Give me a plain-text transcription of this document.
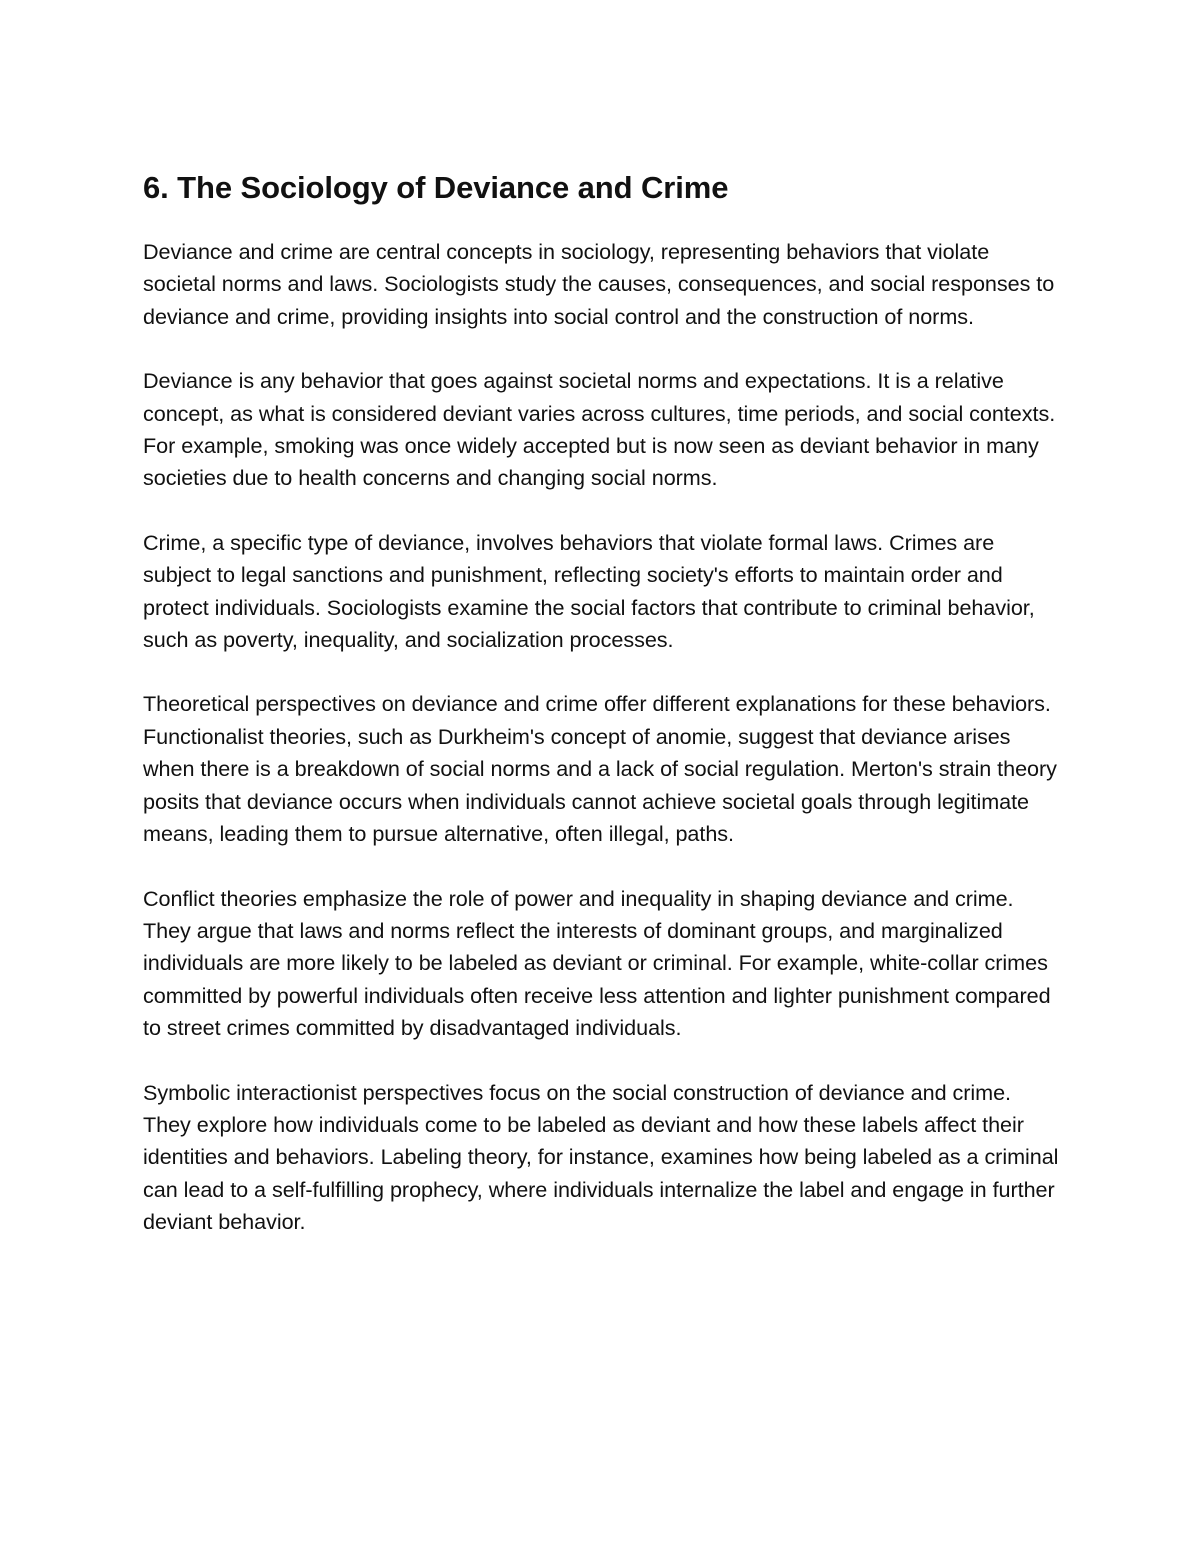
6. The Sociology of Deviance and Crime

Deviance and crime are central concepts in sociology, representing behaviors that violate societal norms and laws. Sociologists study the causes, consequences, and social responses to deviance and crime, providing insights into social control and the construction of norms.

Deviance is any behavior that goes against societal norms and expectations. It is a relative concept, as what is considered deviant varies across cultures, time periods, and social contexts. For example, smoking was once widely accepted but is now seen as deviant behavior in many societies due to health concerns and changing social norms.

Crime, a specific type of deviance, involves behaviors that violate formal laws. Crimes are subject to legal sanctions and punishment, reflecting society's efforts to maintain order and protect individuals. Sociologists examine the social factors that contribute to criminal behavior, such as poverty, inequality, and socialization processes.

Theoretical perspectives on deviance and crime offer different explanations for these behaviors. Functionalist theories, such as Durkheim's concept of anomie, suggest that deviance arises when there is a breakdown of social norms and a lack of social regulation. Merton's strain theory posits that deviance occurs when individuals cannot achieve societal goals through legitimate means, leading them to pursue alternative, often illegal, paths.

Conflict theories emphasize the role of power and inequality in shaping deviance and crime. They argue that laws and norms reflect the interests of dominant groups, and marginalized individuals are more likely to be labeled as deviant or criminal. For example, white-collar crimes committed by powerful individuals often receive less attention and lighter punishment compared to street crimes committed by disadvantaged individuals.

Symbolic interactionist perspectives focus on the social construction of deviance and crime. They explore how individuals come to be labeled as deviant and how these labels affect their identities and behaviors. Labeling theory, for instance, examines how being labeled as a criminal can lead to a self-fulfilling prophecy, where individuals internalize the label and engage in further deviant behavior.
